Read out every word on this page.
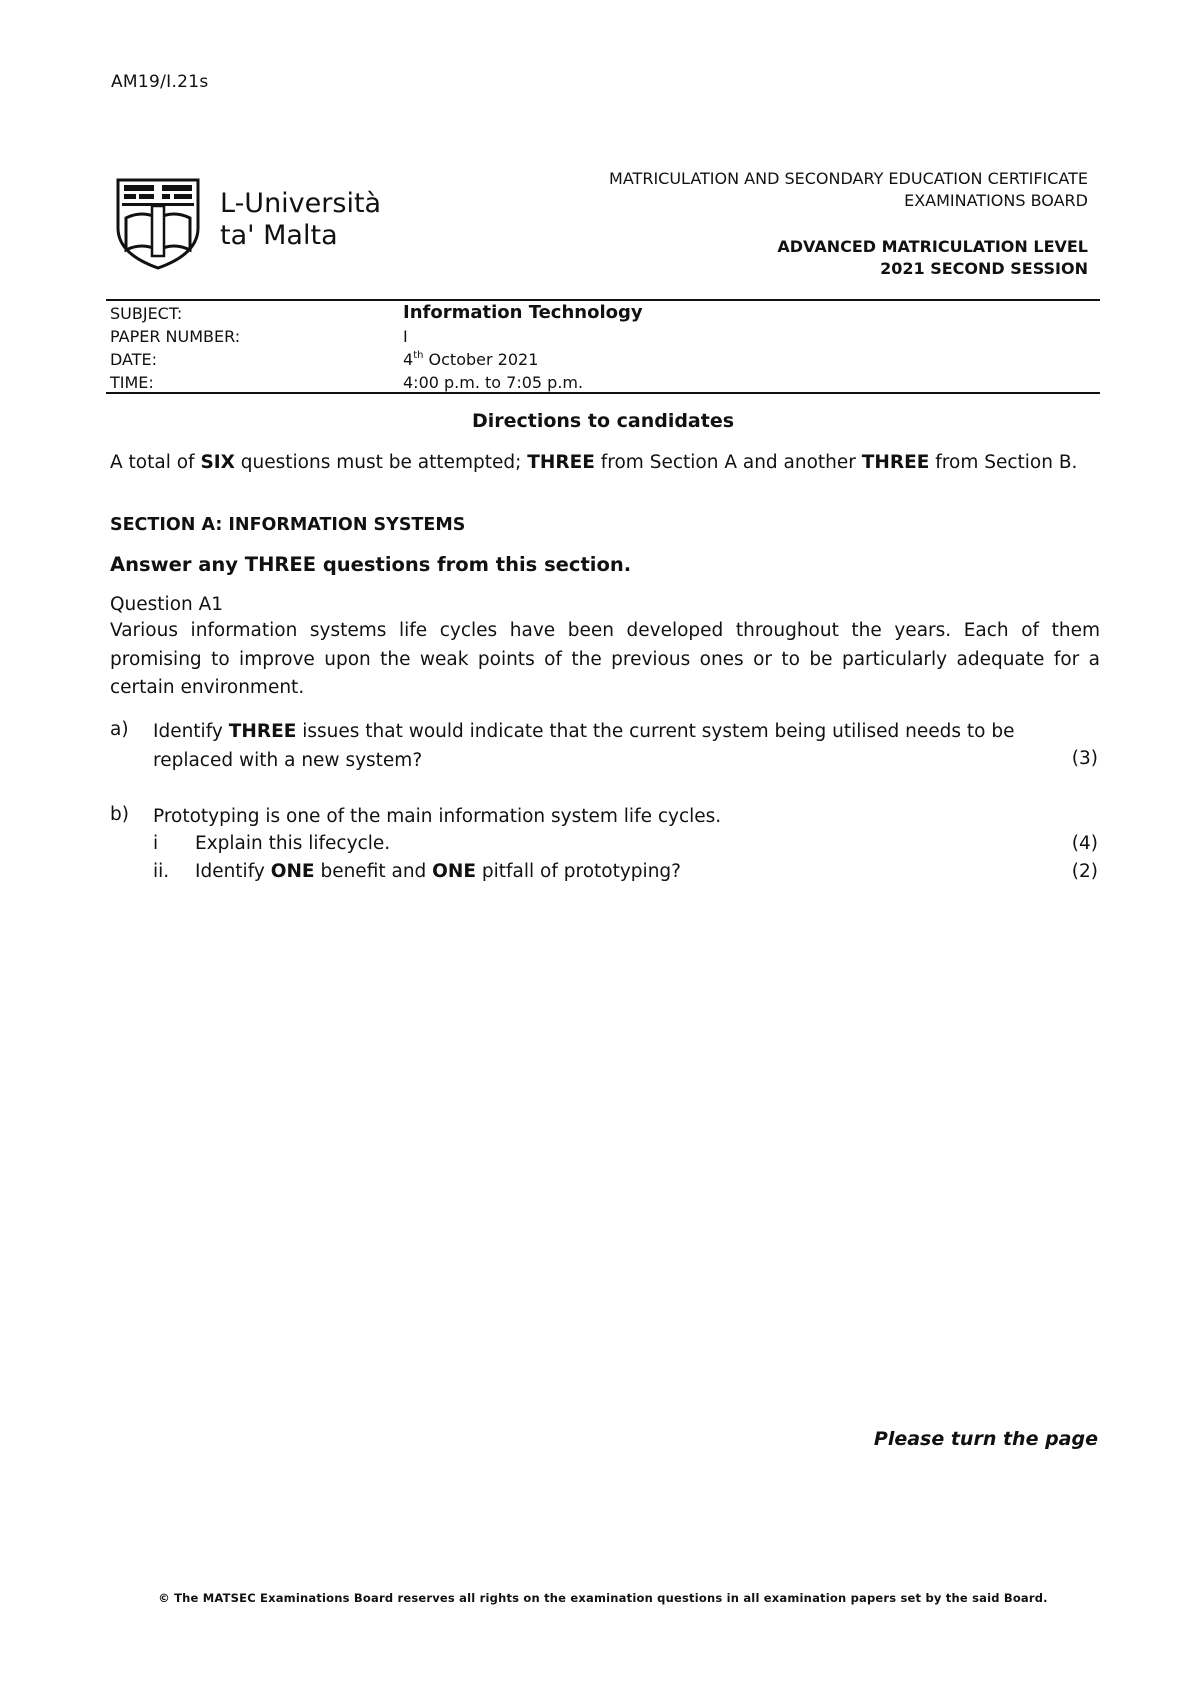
AM19/I.21s
L-Università
ta' Malta
MATRICULATION AND SECONDARY EDUCATION CERTIFICATE
EXAMINATIONS BOARD
ADVANCED MATRICULATION LEVEL
2021 SECOND SESSION
SUBJECT:	Information Technology
PAPER NUMBER:	I
DATE:	4th October 2021
TIME:	4:00 p.m. to 7:05 p.m.
Directions to candidates
A total of SIX questions must be attempted; THREE from Section A and another THREE from Section B.
SECTION A: INFORMATION SYSTEMS
Answer any THREE questions from this section.
Question A1
Various information systems life cycles have been developed throughout the years. Each of them promising to improve upon the weak points of the previous ones or to be particularly adequate for a certain environment.
a) Identify THREE issues that would indicate that the current system being utilised needs to be replaced with a new system?	(3)
b) Prototyping is one of the main information system life cycles.
i Explain this lifecycle.	(4)
ii. Identify ONE benefit and ONE pitfall of prototyping?	(2)
Please turn the page
© The MATSEC Examinations Board reserves all rights on the examination questions in all examination papers set by the said Board.
